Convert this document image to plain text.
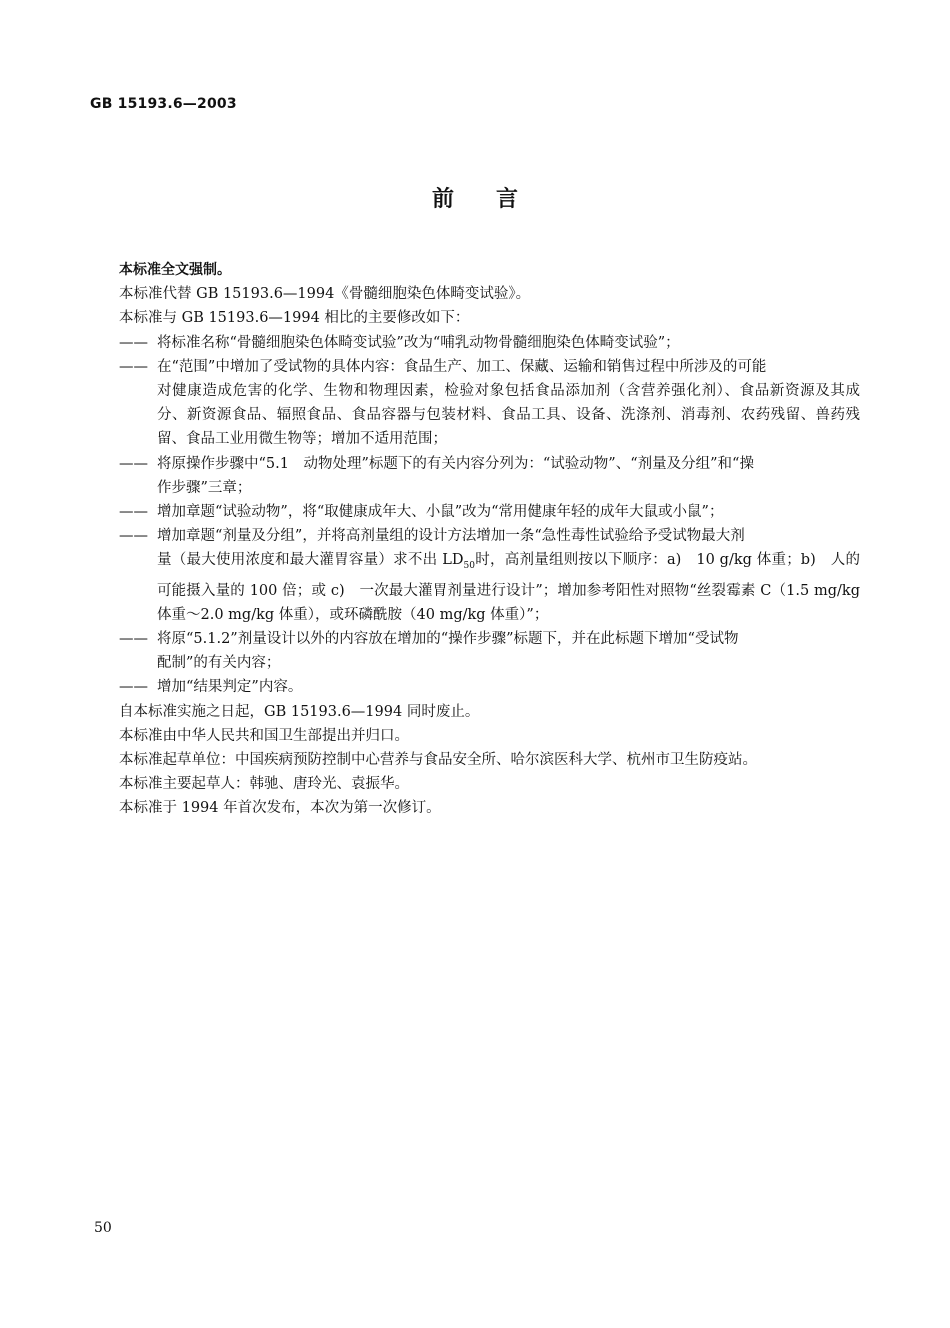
GB 15193.6—2003
前言

本标准全文强制。

本标准代替 GB 15193.6—1994《骨髓细胞染色体畸变试验》。

本标准与 GB 15193.6—1994 相比的主要修改如下：

—— 将标准名称“骨髓细胞染色体畸变试验”改为“哺乳动物骨髓细胞染色体畸变试验”；

—— 在“范围”中增加了受试物的具体内容：食品生产、加工、保藏、运输和销售过程中所涉及的可能
对健康造成危害的化学、生物和物理因素，检验对象包括食品添加剂（含营养强化剂）、食品新资源及其成分、新资源食品、辐照食品、食品容器与包装材料、食品工具、设备、洗涤剂、消毒剂、农药残留、兽药残留、食品工业用微生物等；增加不适用范围；

—— 将原操作步骤中“5.1　动物处理”标题下的有关内容分列为：“试验动物”、“剂量及分组”和“操
作步骤”三章；

—— 增加章题“试验动物”，将“取健康成年大、小鼠”改为“常用健康年轻的成年大鼠或小鼠”；

—— 增加章题“剂量及分组”，并将高剂量组的设计方法增加一条“急性毒性试验给予受试物最大剂
量（最大使用浓度和最大灌胃容量）求不出 $LD_{50}$时，高剂量组则按以下顺序：a)　10 g/kg 体重；b)　人的可能摄入量的 100 倍；或 c)　一次最大灌胃剂量进行设计”；增加参考阳性对照物“丝裂霉素 C（1.5 mg/kg 体重～2.0 mg/kg 体重），或环磷酰胺（40 mg/kg 体重）”；

—— 将原“5.1.2”剂量设计以外的内容放在增加的“操作步骤”标题下，并在此标题下增加“受试物
配制”的有关内容；

—— 增加“结果判定”内容。

自本标准实施之日起，GB 15193.6—1994 同时废止。

本标准由中华人民共和国卫生部提出并归口。

本标准起草单位：中国疾病预防控制中心营养与食品安全所、哈尔滨医科大学、杭州市卫生防疫站。

本标准主要起草人：韩驰、唐玲光、袁振华。

本标准于 1994 年首次发布，本次为第一次修订。

50
